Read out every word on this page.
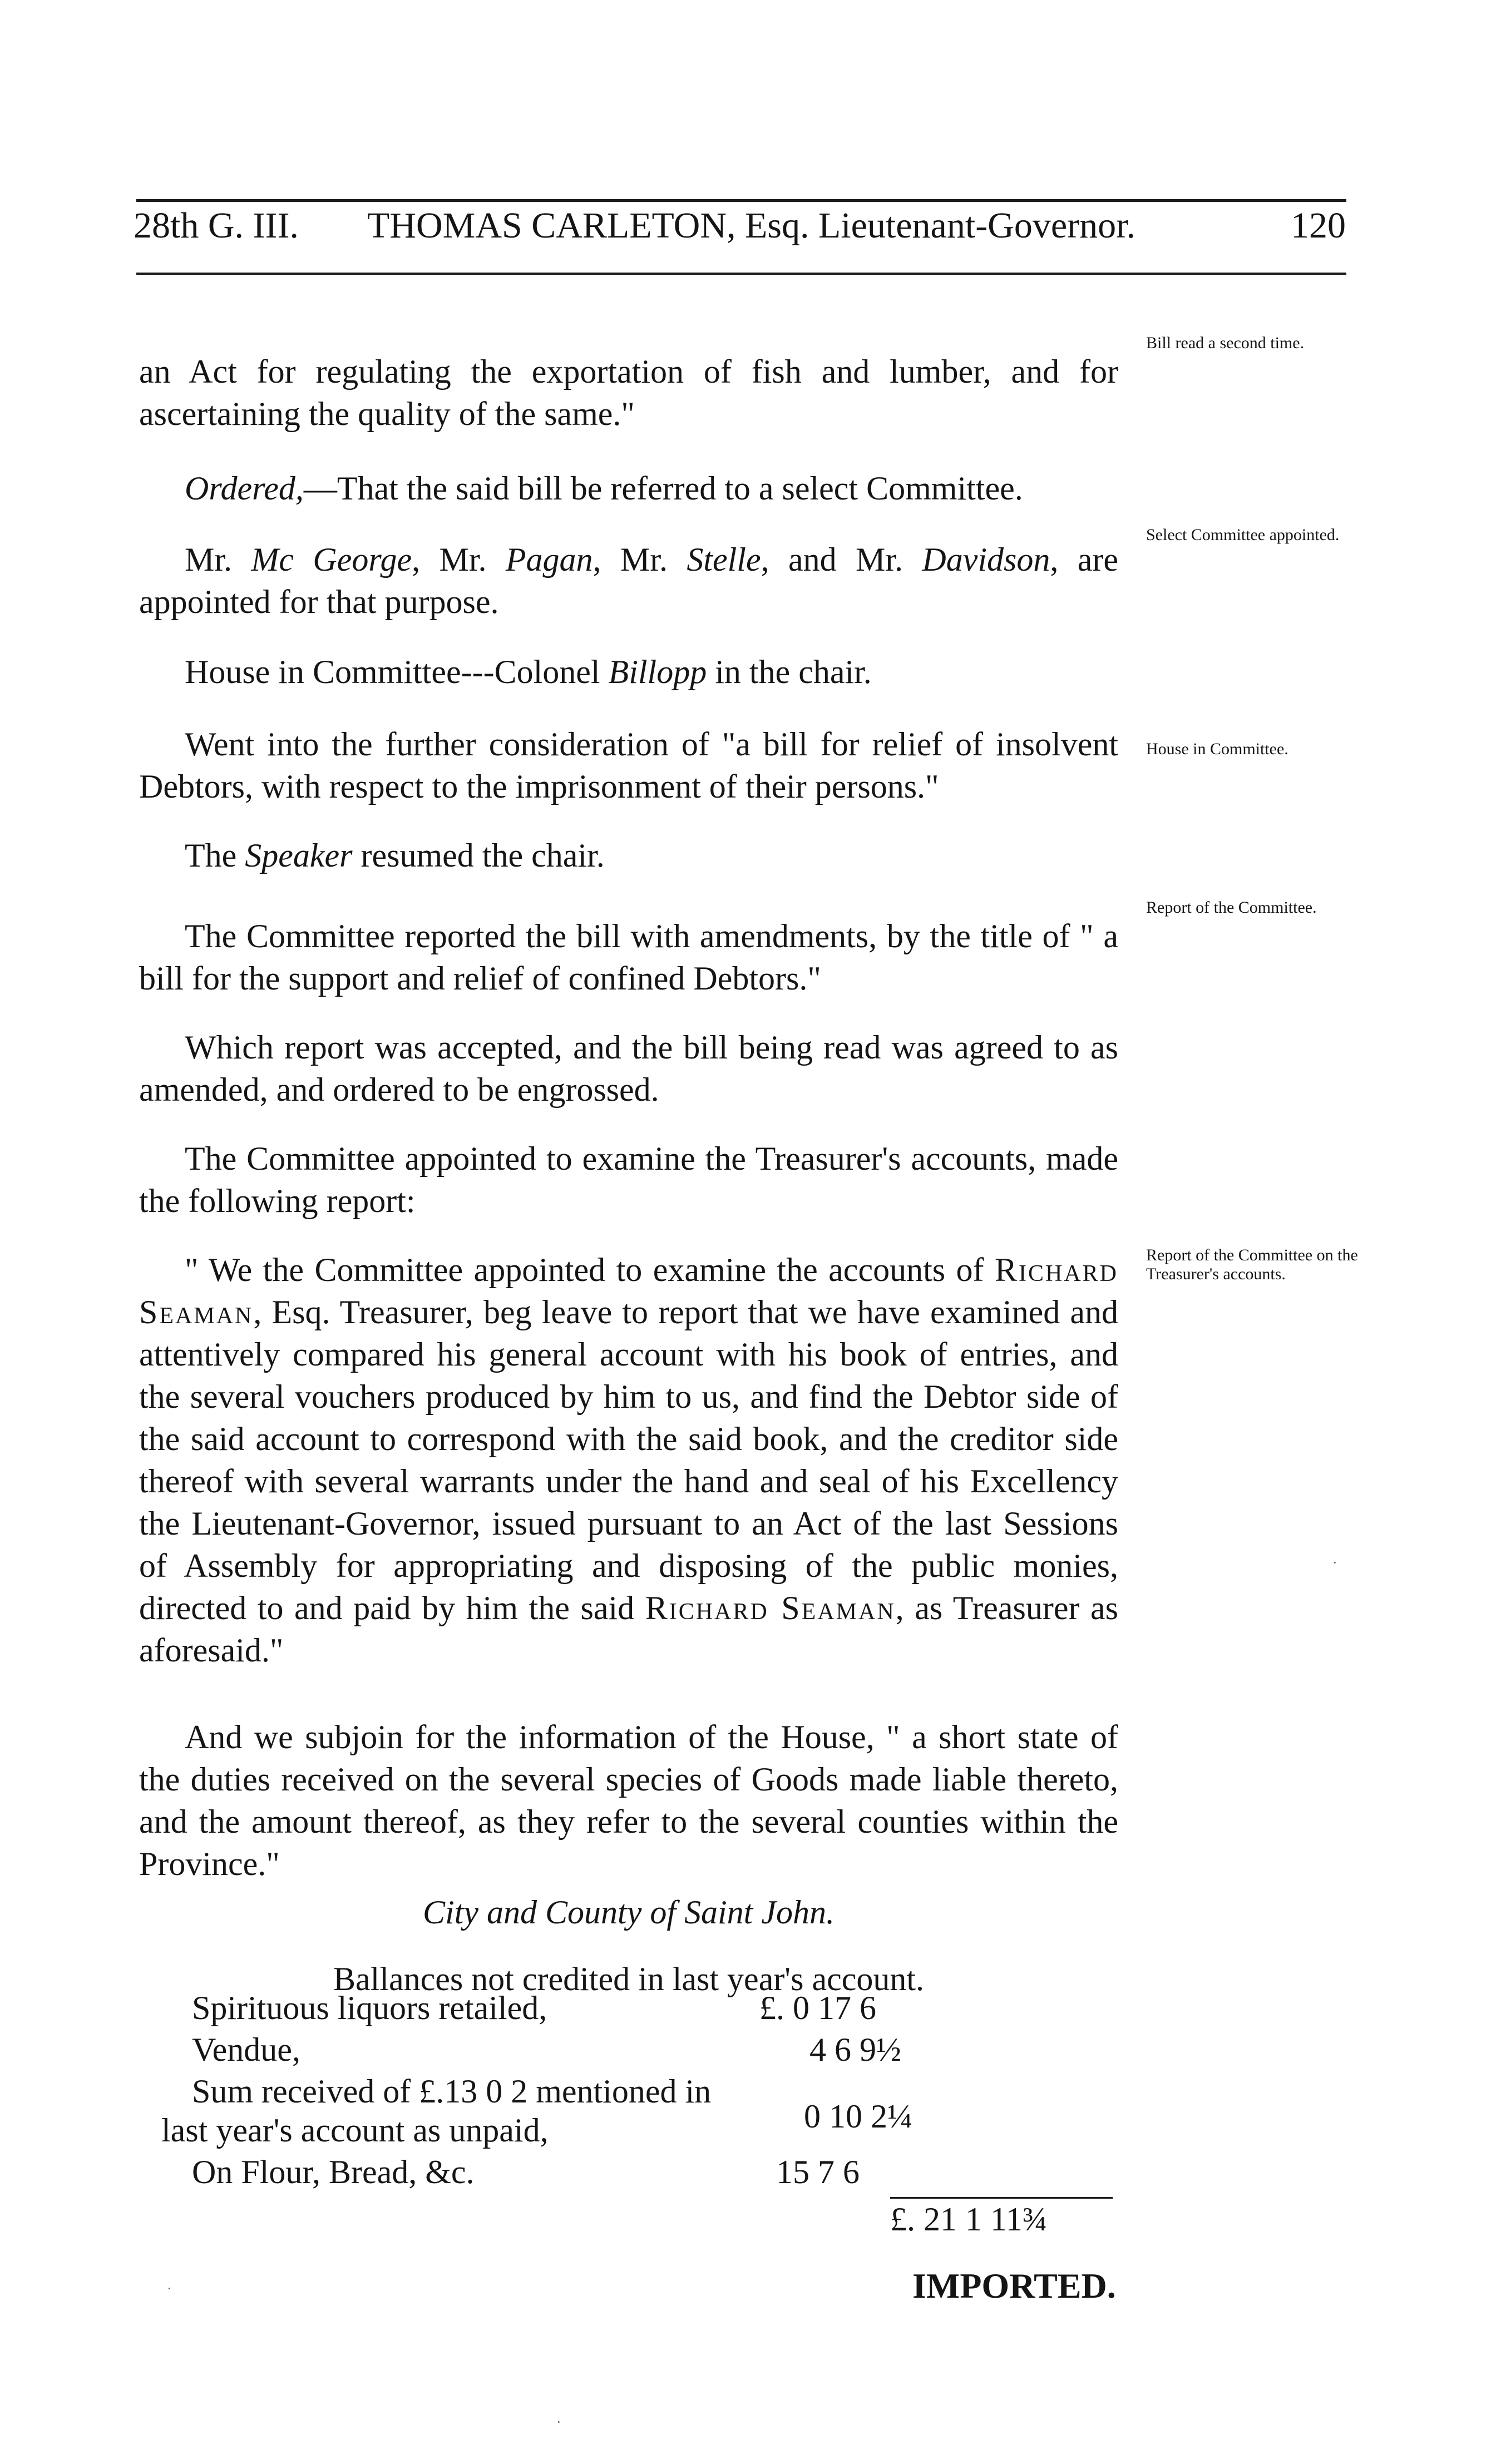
28th G. III. THOMAS CARLETON, Esq. Lieutenant-Governor.	120

an Act for regulating the exportation of fish and lumber, and for ascertaining the quality of the same."

Ordered,—That the said bill be referred to a select Committee.

Mr. Mc George, Mr. Pagan, Mr. Stelle, and Mr. Davidson, are appointed for that purpose.

House in Committee---Colonel Billopp in the chair.

Went into the further consideration of "a bill for relief of insolvent Debtors, with respect to the imprisonment of their persons."

The Speaker resumed the chair.

The Committee reported the bill with amendments, by the title of " a bill for the support and relief of confined Debtors."

Which report was accepted, and the bill being read was agreed to as amended, and ordered to be engrossed.

The Committee appointed to examine the Treasurer's accounts, made the following report:

" We the Committee appointed to examine the accounts of Richard Seaman, Esq. Treasurer, beg leave to report that we have examined and attentively compared his general account with his book of entries, and the several vouchers produced by him to us, and find the Debtor side of the said account to correspond with the said book, and the creditor side thereof with several warrants under the hand and seal of his Excellency the Lieutenant-Governor, issued pursuant to an Act of the last Sessions of Assembly for appropriating and disposing of the public monies, directed to and paid by him the said Richard Seaman, as Treasurer as aforesaid."

And we subjoin for the information of the House, " a short state of the duties received on the several species of Goods made liable thereto, and the amount thereof, as they refer to the several counties within the Province."

City and County of Saint John.

Ballances not credited in last year's account.

Spirituous liquors retailed,	£. 0 17 6
Vendue,	4 6 9½
Sum received of £.13 0 2 mentioned in last year's account as unpaid,	0 10 2¼
On Flour, Bread, &c.	15 7 6
£. 21 1 11¾
IMPORTED.
Bill read a second time.
Select Committee appointed.
House in Committee.
Report of the Committee.
Report of the Committee on the Treasurer's accounts.
·
·
·
